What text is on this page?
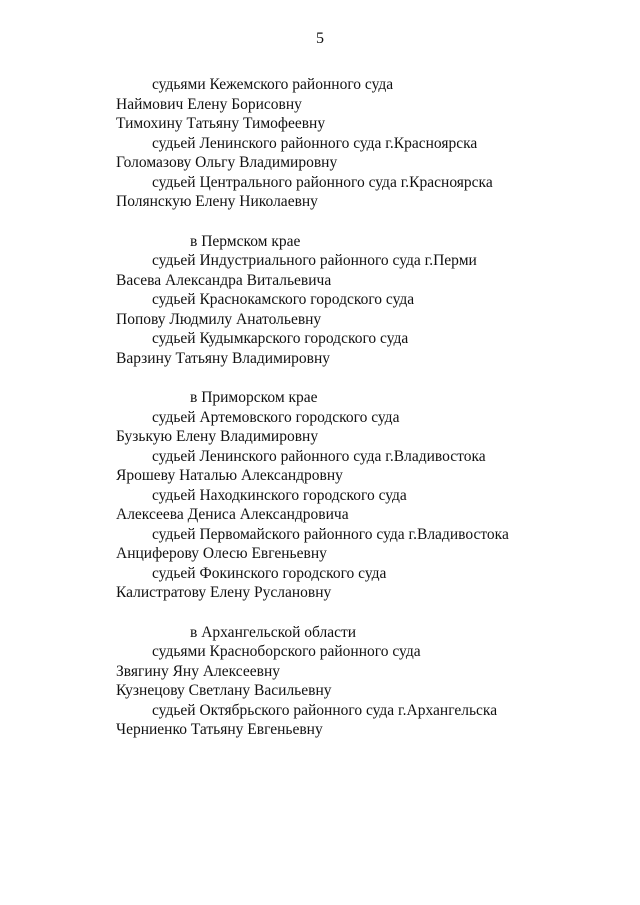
5
судьями Кежемского районного суда
Наймович Елену Борисовну
Тимохину Татьяну Тимофеевну
судьей Ленинского районного суда г.Красноярска
Голомазову Ольгу Владимировну
судьей Центрального районного суда г.Красноярска
Полянскую Елену Николаевну
в Пермском крае
судьей Индустриального районного суда г.Перми
Васева Александра Витальевича
судьей Краснокамского городского суда
Попову Людмилу Анатольевну
судьей Кудымкарского городского суда
Варзину Татьяну Владимировну
в Приморском крае
судьей Артемовского городского суда
Бузькую Елену Владимировну
судьей Ленинского районного суда г.Владивостока
Ярошеву Наталью Александровну
судьей Находкинского городского суда
Алексеева Дениса Александровича
судьей Первомайского районного суда г.Владивостока
Анциферову Олесю Евгеньевну
судьей Фокинского городского суда
Калистратову Елену Руслановну
в Архангельской области
судьями Красноборского районного суда
Звягину Яну Алексеевну
Кузнецову Светлану Васильевну
судьей Октябрьского районного суда г.Архангельска
Черниенко Татьяну Евгеньевну
